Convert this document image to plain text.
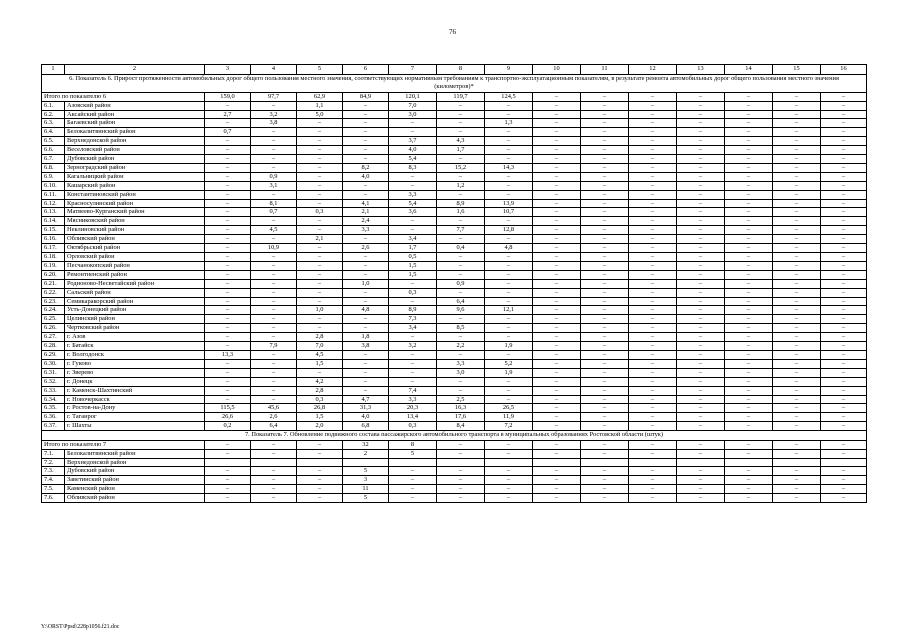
76
1	2	3	4	5	6	7	8	9	10	11	12	13	14	15	16
6. Показатель 6. Прирост протяженности автомобильных дорог общего пользования местного значения, соответствующих нормативным требованиям к транспортно-эксплуатационным показателям, в результате ремонта автомобильных дорог общего пользования местного значения (километров)*															
Итого по показателю 6		159,0	97,7	62,9	84,9	120,1	119,7	124,5	–	–	–	–	–	–	–
6.1.	Азовский район	–	–	1,1	–	7,0	–	–	–	–	–	–	–	–	–
6.2.	Аксайский район	2,7	3,2	5,0	–	3,0	–	–	–	–	–	–	–	–	–
6.3.	Багаевский район	–	3,8	–	–	–	–	1,3	–	–	–	–	–	–	–
6.4.	Белокалитвинский район	0,7	–	–	–	–	–	–	–	–	–	–	–	–	–
6.5.	Верхнедонской район	–	–	–	–	3,7	4,3	–	–	–	–	–	–	–	–
6.6.	Веселовский район	–	–	–	–	4,0	1,7	–	–	–	–	–	–	–	–
6.7.	Дубовский район	–	–	–	–	5,4	–	–	–	–	–	–	–	–	–
6.8.	Зерноградский район	–	–	–	8,2	8,3	15,2	14,3	–	–	–	–	–	–	–
6.9.	Кагальницкий район	–	0,9	–	4,0	–	–	–	–	–	–	–	–	–	–
6.10.	Кашарский район	–	3,1	–	–	–	1,2	–	–	–	–	–	–	–	–
6.11.	Константиновский район	–	–	–	–	3,3	–	–	–	–	–	–	–	–	–
6.12.	Красносулинский район	–	8,1	–	4,1	5,4	8,9	13,9	–	–	–	–	–	–	–
6.13.	Матвеево-Курганский район	–	0,7	0,3	2,1	3,6	1,6	10,7	–	–	–	–	–	–	–
6.14.	Мясниковский район	–	–	–	2,4	–	–	–	–	–	–	–	–	–	–
6.15.	Неклиновский район	–	4,5	–	3,3	–	7,7	12,8	–	–	–	–	–	–	–
6.16.	Обливский район	–	–	2,1	–	3,4	–	–	–	–	–	–	–	–	–
6.17.	Октябрьский район	–	10,9	–	2,6	1,7	0,4	4,8	–	–	–	–	–	–	–
6.18.	Орловский район	–	–	–	–	0,5	–	–	–	–	–	–	–	–	–
6.19.	Песчанокопский район	–	–	–	–	1,5	–	–	–	–	–	–	–	–	–
6.20.	Ремонтненский район	–	–	–	–	1,5	–	–	–	–	–	–	–	–	–
6.21.	Родионово-Несветайский район	–	–	–	1,0	–	0,9	–	–	–	–	–	–	–	–
6.22.	Сальский район	–	–	–	–	0,3	–	–	–	–	–	–	–	–	–
6.23.	Семикаракорский район	–	–	–	–	–	6,4	–	–	–	–	–	–	–	–
6.24.	Усть-Донецкий район	–	–	1,0	4,8	8,9	9,6	12,1	–	–	–	–	–	–	–
6.25.	Целинский район	–	–	–	–	7,3	–	–	–	–	–	–	–	–	–
6.26.	Чертковский район	–	–	–	–	3,4	8,5	–	–	–	–	–	–	–	–
6.27.	г. Азов	–	–	2,8	1,8	–	–	–	–	–	–	–	–	–	–
6.28.	г. Батайск	–	7,9	7,0	3,8	3,2	2,2	1,9	–	–	–	–	–	–	–
6.29.	г. Волгодонск	13,3	–	4,5	–	–	–	–	–	–	–	–	–	–	–
6.30.	г. Гуково	–	–	1,5	–	–	3,3	5,2	–	–	–	–	–	–	–
6.31.	г. Зверево	–	–	–	–	–	3,0	1,9	–	–	–	–	–	–	–
6.32.	г. Донецк	–	–	4,2	–	–	–	–	–	–	–	–	–	–	–
6.33.	г. Каменск-Шахтинский	–	–	2,8	–	7,4	–	–	–	–	–	–	–	–	–
6.34.	г. Новочеркасск	–	–	0,3	4,7	3,3	2,5	–	–	–	–	–	–	–	–
6.35.	г. Ростов-на-Дону	115,5	45,6	26,8	31,3	20,3	16,3	26,5	–	–	–	–	–	–	–
6.36.	г. Таганрог	26,6	2,6	1,5	4,0	13,4	17,6	11,9	–	–	–	–	–	–	–
6.37.	г. Шахты	0,2	6,4	2,0	6,8	0,3	8,4	7,2	–	–	–	–	–	–	–
7. Показатель 7. Обновление подвижного состава пассажирского автомобильного транспорта в муниципальных образованиях Ростовской области (штук)															
Итого по показателю 7		–	–	–	32	8	–	–	–	–	–	–	–	–	–
7.1.	Белокалитвинский район	–	–	–	2	5	–	–	–	–	–	–	–	–	–
7.2.	Верхнедонской район														
7.3.	Дубовский район	–	–	–	5	–	–	–	–	–	–	–	–	–	–
7.4.	Заветинский район	–	–	–	3	–	–	–	–	–	–	–	–	–	–
7.5.	Каменский район	–	–	–	11	–	–	–	–	–	–	–	–	–	–
7.6.	Обливский район	–	–	–	5	–	–	–	–	–	–	–	–	–	–
Y:\ORST\Ppsd\228p1056.f21.doc
